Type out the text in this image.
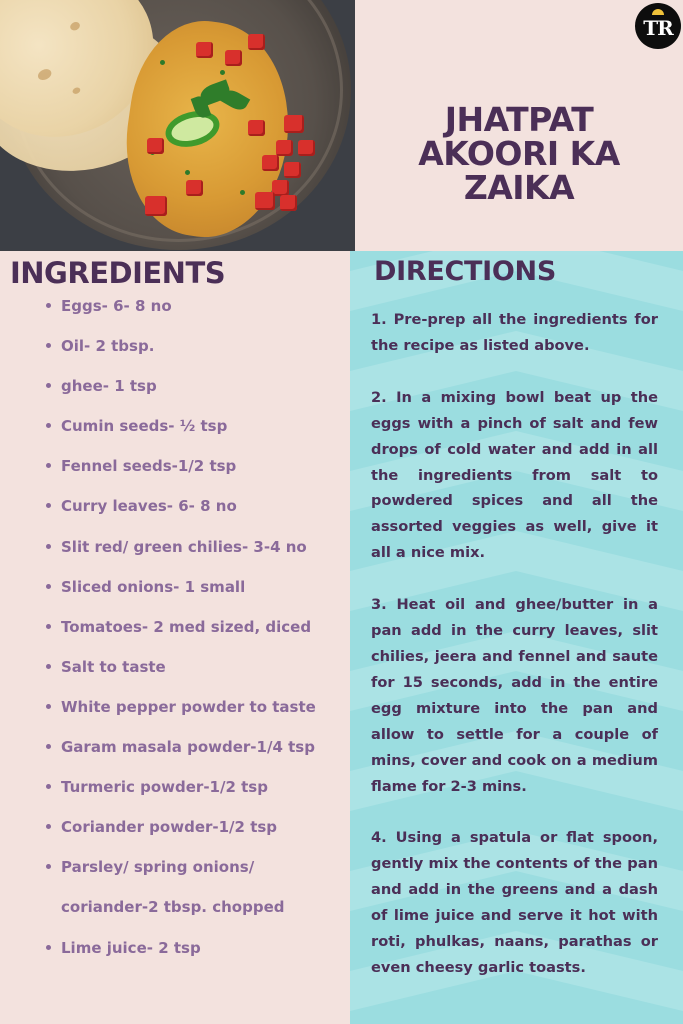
TR
JHATPAT
AKOORI KA
ZAIKA
INGREDIENTS
Eggs- 6- 8 no
Oil- 2 tbsp.
ghee- 1 tsp
Cumin seeds- ½ tsp
Fennel seeds-1/2 tsp
Curry leaves- 6- 8 no
Slit red/ green chilies- 3-4 no
Sliced onions- 1 small
Tomatoes- 2 med sized, diced
Salt to taste
White pepper powder to taste
Garam masala powder-1/4 tsp
Turmeric powder-1/2 tsp
Coriander powder-1/2 tsp
Parsley/ spring onions/
coriander-2 tbsp. chopped
Lime juice- 2 tsp
DIRECTIONS

1. Pre-prep all the ingredients for the recipe as listed above.

2. In a mixing bowl beat up the eggs with a pinch of salt and few drops of cold water and add in all the ingredients from salt to powdered spices and all the assorted veggies as well, give it all a nice mix.

3. Heat oil and ghee/butter in a pan add in the curry leaves, slit chilies, jeera and fennel and saute for 15 seconds, add in the entire egg mixture into the pan and allow to settle for a couple of mins, cover and cook on a medium flame for 2-3 mins.

4. Using a spatula or flat spoon, gently mix the contents of the pan and add in the greens and a dash of lime juice and serve it hot with roti, phulkas, naans, parathas or even cheesy garlic toasts.
